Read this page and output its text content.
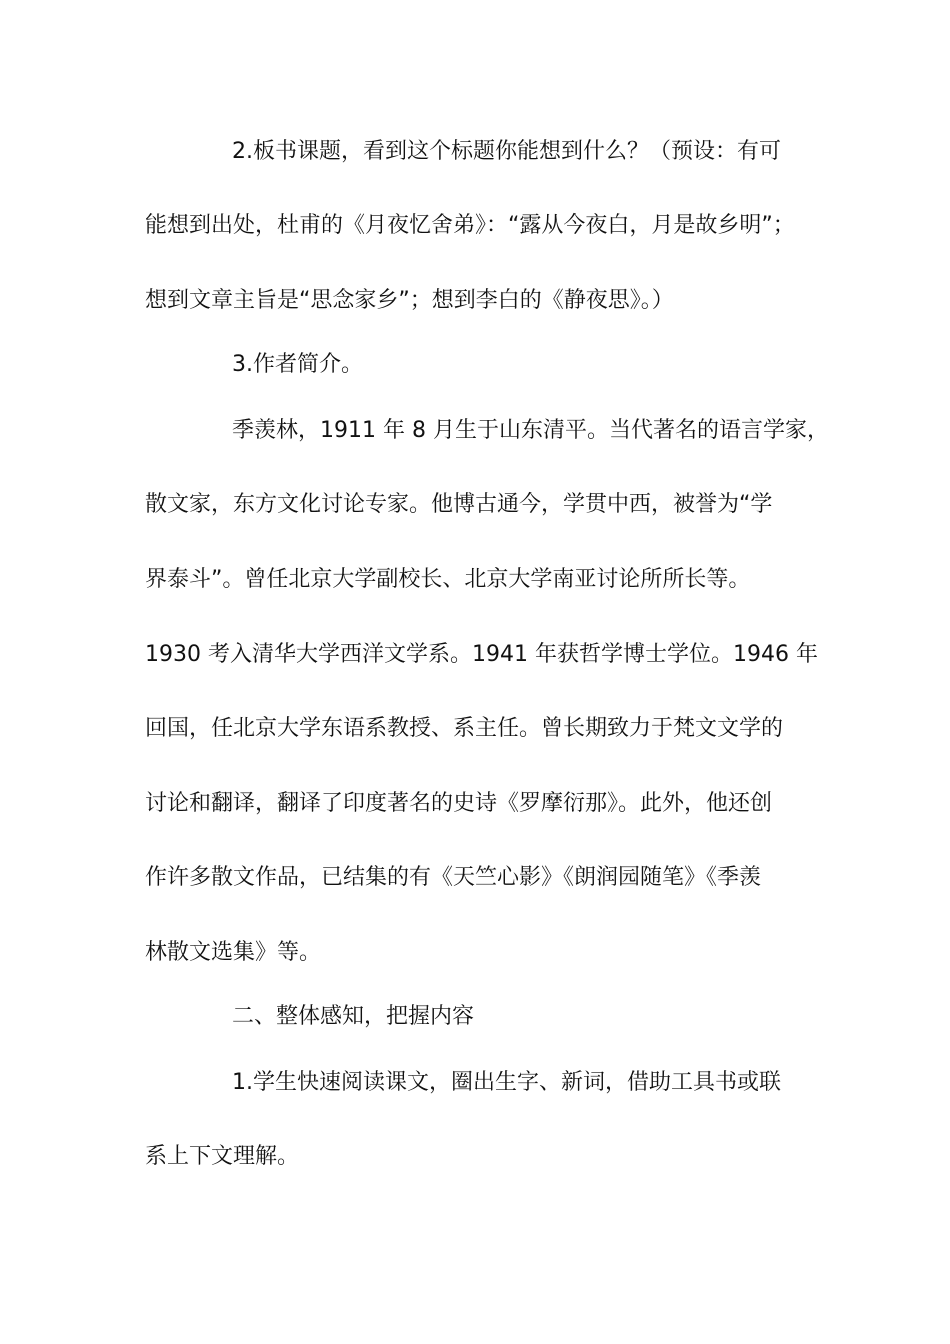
2.板书课题，看到这个标题你能想到什么？（预设：有可
能想到出处，杜甫的《月夜忆舍弟》：“露从今夜白，月是故乡明”；
想到文章主旨是“思念家乡”；想到李白的《静夜思》。）
3.作者简介。
季羡林，1911 年 8 月生于山东清平。当代著名的语言学家，
散文家，东方文化讨论专家。他博古通今，学贯中西，被誉为“学
界泰斗”。曾任北京大学副校长、北京大学南亚讨论所所长等。
1930 考入清华大学西洋文学系。1941 年获哲学博士学位。1946 年
回国，任北京大学东语系教授、系主任。曾长期致力于梵文文学的
讨论和翻译，翻译了印度著名的史诗《罗摩衍那》。此外，他还创
作许多散文作品，已结集的有《天竺心影》《朗润园随笔》《季羡
林散文选集》等。
二、整体感知，把握内容
1.学生快速阅读课文，圈出生字、新词，借助工具书或联
系上下文理解。
